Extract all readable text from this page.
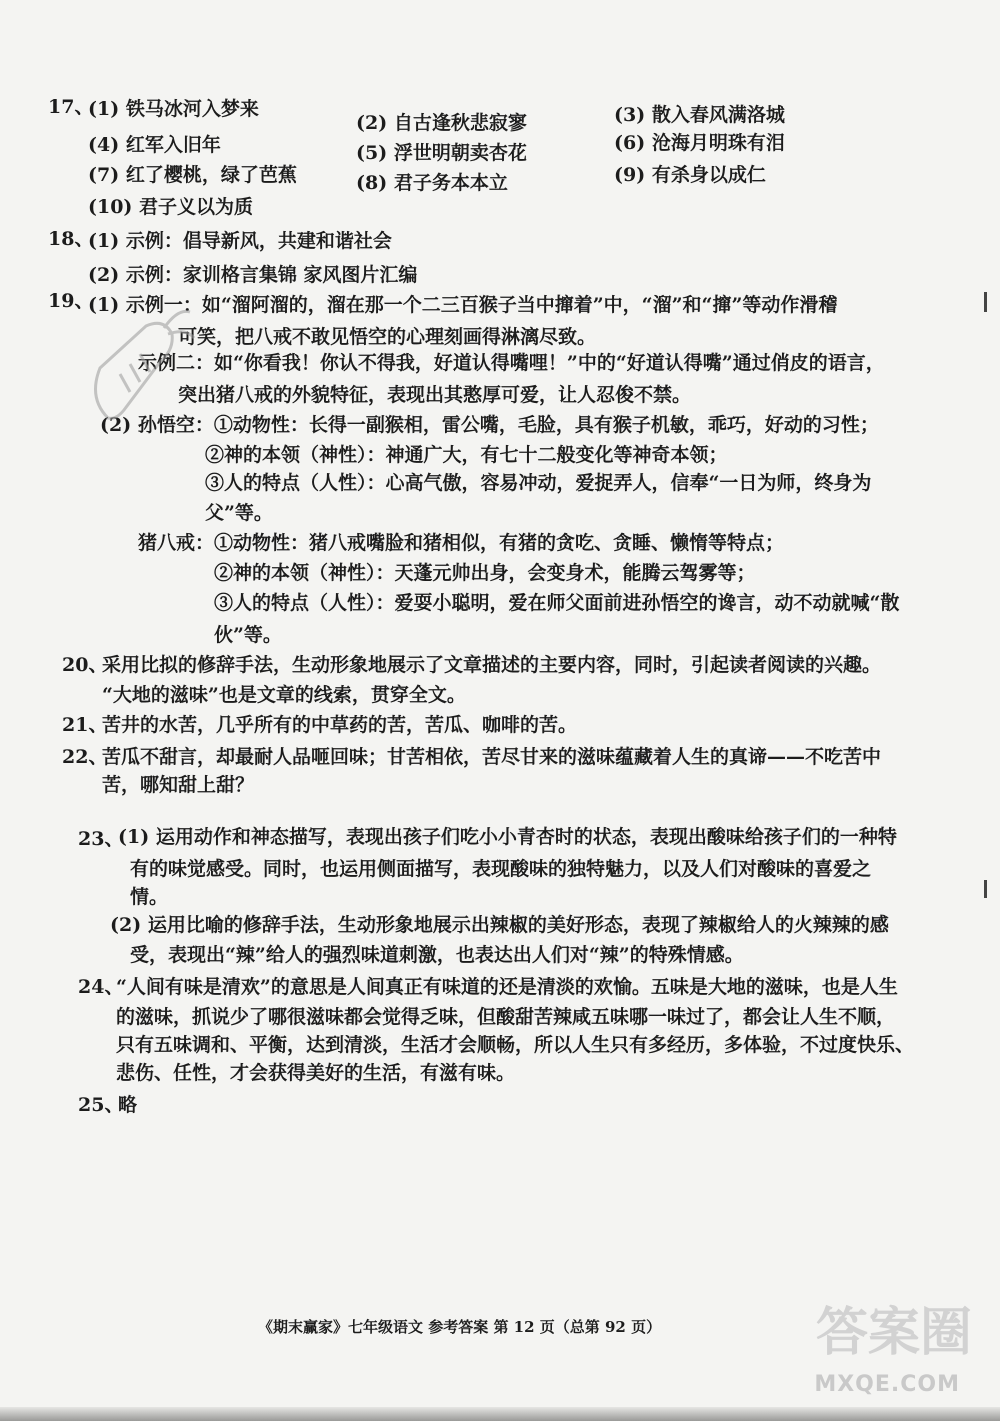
17、
(1) 铁马冰河入梦来
(2) 自古逢秋悲寂寥	(3) 散入春风满洛城
(4) 红军入旧年	(5) 浮世明朝卖杏花	(6) 沧海月明珠有泪
(7) 红了樱桃，绿了芭蕉	(8) 君子务本本立	(9) 有杀身以成仁
(10) 君子义以为质
18、
(1) 示例：倡导新风，共建和谐社会
(2) 示例：家训格言集锦 家风图片汇编
19、
(1) 示例一：如“溜阿溜的，溜在那一个二三百猴子当中撺着”中，“溜”和“撺”等动作滑稽
可笑，把八戒不敢见悟空的心理刻画得淋漓尽致。
示例二：如“你看我！你认不得我，好道认得嘴哩！”中的“好道认得嘴”通过俏皮的语言，
突出猪八戒的外貌特征，表现出其憨厚可爱，让人忍俊不禁。
(2) 孙悟空：①动物性：长得一副猴相，雷公嘴，毛脸，具有猴子机敏，乖巧，好动的习性；
②神的本领（神性）：神通广大，有七十二般变化等神奇本领；
③人的特点（人性）：心高气傲，容易冲动，爱捉弄人，信奉“一日为师，终身为
父”等。
猪八戒：①动物性：猪八戒嘴脸和猪相似，有猪的贪吃、贪睡、懒惰等特点；
②神的本领（神性）：天蓬元帅出身，会变身术，能腾云驾雾等；
③人的特点（人性）：爱耍小聪明，爱在师父面前进孙悟空的谗言，动不动就喊“散
伙”等。
20、
采用比拟的修辞手法，生动形象地展示了文章描述的主要内容，同时，引起读者阅读的兴趣。
“大地的滋味”也是文章的线索，贯穿全文。
21、
苦井的水苦，几乎所有的中草药的苦，苦瓜、咖啡的苦。
22、
苦瓜不甜言，却最耐人品咂回味；甘苦相依，苦尽甘来的滋味蕴藏着人生的真谛——不吃苦中
苦，哪知甜上甜？
23、
(1) 运用动作和神态描写，表现出孩子们吃小小青杏时的状态，表现出酸味给孩子们的一种特
有的味觉感受。同时，也运用侧面描写，表现酸味的独特魅力，以及人们对酸味的喜爱之
情。
(2) 运用比喻的修辞手法，生动形象地展示出辣椒的美好形态，表现了辣椒给人的火辣辣的感
受，表现出“辣”给人的强烈味道刺激，也表达出人们对“辣”的特殊情感。
24、
“人间有味是清欢”的意思是人间真正有味道的还是清淡的欢愉。五味是大地的滋味，也是人生
的滋味，抓说少了哪很滋味都会觉得乏味，但酸甜苦辣咸五味哪一味过了，都会让人生不顺，
只有五味调和、平衡，达到清淡，生活才会顺畅，所以人生只有多经历，多体验，不过度快乐、
悲伤、任性，才会获得美好的生活，有滋有味。
25、
略
《期末赢家》七年级语文 参考答案 第 12 页（总第 92 页）	答案圈
MXQE.COM
